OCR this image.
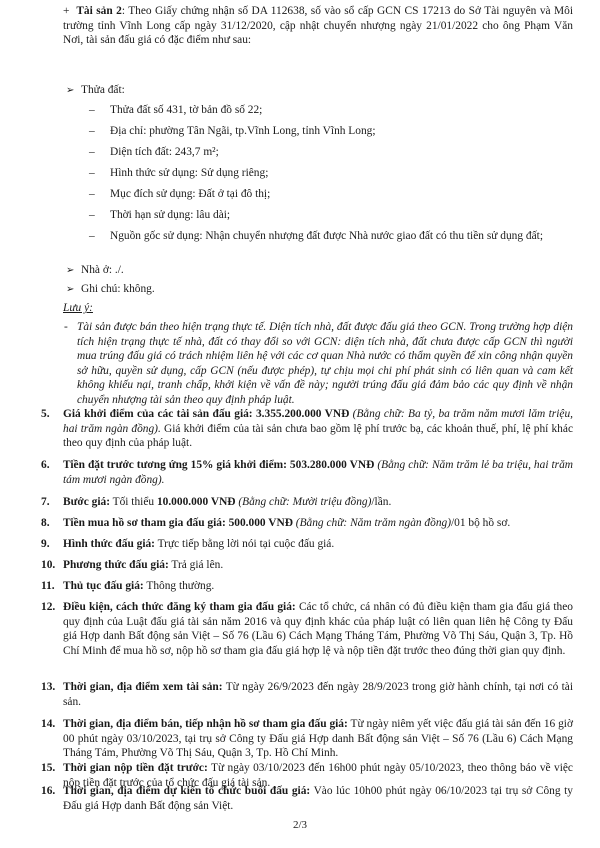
+ Tài sản 2: Theo Giấy chứng nhận số DA 112638, số vào sổ cấp GCN CS 17213 do Sở Tài nguyên và Môi trường tỉnh Vĩnh Long cấp ngày 31/12/2020, cập nhật chuyển nhượng ngày 21/01/2022 cho ông Phạm Văn Nơi, tài sản đấu giá có đặc điểm như sau:

➢ Thửa đất:
– Thửa đất số 431, tờ bản đồ số 22;
– Địa chỉ: phường Tân Ngãi, tp.Vĩnh Long, tỉnh Vĩnh Long;
– Diện tích đất: 243,7 m²;
– Hình thức sử dụng: Sử dụng riêng;
– Mục đích sử dụng: Đất ở tại đô thị;
– Thời hạn sử dụng: lâu dài;
– Nguồn gốc sử dụng: Nhận chuyển nhượng đất được Nhà nước giao đất có thu tiền sử dụng đất;

➢ Nhà ở: ./.
➢ Ghi chú: không.
Lưu ý:
- Tài sản được bán theo hiện trạng thực tế. Diện tích nhà, đất được đấu giá theo GCN. Trong trường hợp diện tích hiện trạng thực tế nhà, đất có thay đổi so với GCN: diện tích nhà, đất chưa được cấp GCN thì người mua trúng đấu giá có trách nhiệm liên hệ với các cơ quan Nhà nước có thẩm quyền để xin công nhận quyền sở hữu, quyền sử dụng, cấp GCN (nếu được phép), tự chịu mọi chi phí phát sinh có liên quan và cam kết không khiếu nại, tranh chấp, khởi kiện về vấn đề này; người trúng đấu giá đảm bảo các quy định về nhận chuyển nhượng tài sản theo quy định pháp luật.

5. Giá khởi điểm của các tài sản đấu giá: 3.355.200.000 VNĐ (Bằng chữ: Ba tỷ, ba trăm năm mươi lăm triệu, hai trăm ngàn đồng). Giá khởi điểm của tài sản chưa bao gồm lệ phí trước bạ, các khoản thuế, phí, lệ phí khác theo quy định của pháp luật.

6. Tiền đặt trước tương ứng 15% giá khởi điểm: 503.280.000 VNĐ (Bằng chữ: Năm trăm lẻ ba triệu, hai trăm tám mươi ngàn đồng).

7. Bước giá: Tối thiểu 10.000.000 VNĐ (Bằng chữ: Mười triệu đồng)/lần.

8. Tiền mua hồ sơ tham gia đấu giá: 500.000 VNĐ (Bằng chữ: Năm trăm ngàn đồng)/01 bộ hồ sơ.

9. Hình thức đấu giá: Trực tiếp bằng lời nói tại cuộc đấu giá.

10. Phương thức đấu giá: Trả giá lên.

11. Thủ tục đấu giá: Thông thường.

12. Điều kiện, cách thức đăng ký tham gia đấu giá: Các tổ chức, cá nhân có đủ điều kiện tham gia đấu giá theo quy định của Luật đấu giá tài sản năm 2016 và quy định khác của pháp luật có liên quan liên hệ Công ty Đấu giá Hợp danh Bất động sản Việt – Số 76 (Lầu 6) Cách Mạng Tháng Tám, Phường Võ Thị Sáu, Quận 3, Tp. Hồ Chí Minh để mua hồ sơ, nộp hồ sơ tham gia đấu giá hợp lệ và nộp tiền đặt trước theo đúng thời gian quy định.

13. Thời gian, địa điểm xem tài sản: Từ ngày 26/9/2023 đến ngày 28/9/2023 trong giờ hành chính, tại nơi có tài sản.

14. Thời gian, địa điểm bán, tiếp nhận hồ sơ tham gia đấu giá: Từ ngày niêm yết việc đấu giá tài sản đến 16 giờ 00 phút ngày 03/10/2023, tại trụ sở Công ty Đấu giá Hợp danh Bất động sản Việt – Số 76 (Lầu 6) Cách Mạng Tháng Tám, Phường Võ Thị Sáu, Quận 3, Tp. Hồ Chí Minh.

15. Thời gian nộp tiền đặt trước: Từ ngày 03/10/2023 đến 16h00 phút ngày 05/10/2023, theo thông báo về việc nộp tiền đặt trước của tổ chức đấu giá tài sản.

16. Thời gian, địa điểm dự kiến tổ chức buổi đấu giá: Vào lúc 10h00 phút ngày 06/10/2023 tại trụ sở Công ty Đấu giá Hợp danh Bất động sản Việt.

2/3
